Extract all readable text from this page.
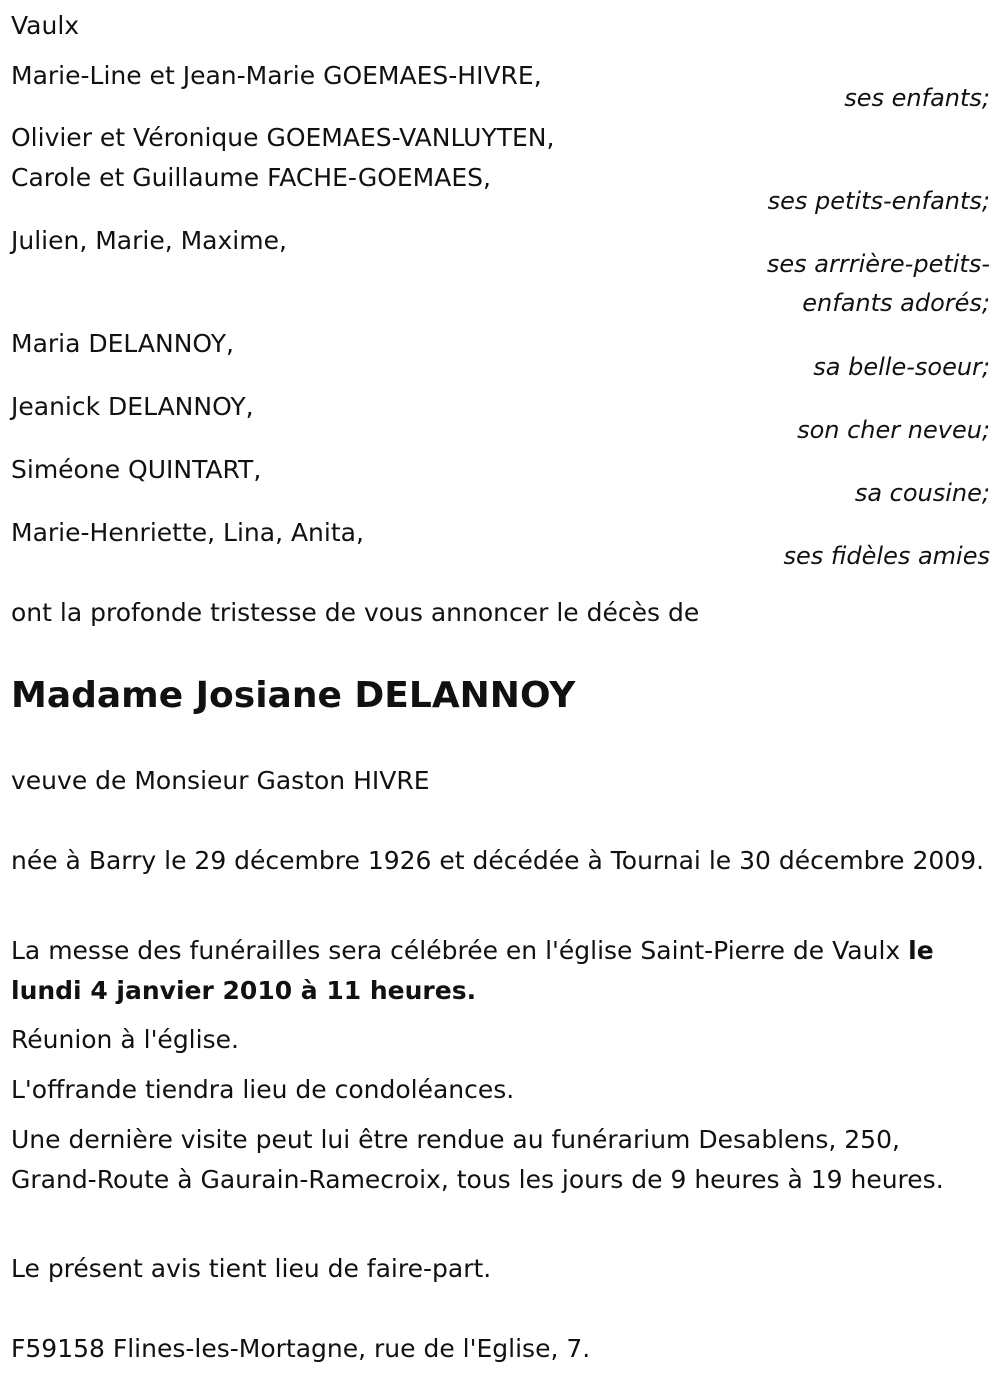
Vaulx
Marie-Line et Jean-Marie GOEMAES-HIVRE,
ses enfants;
Olivier et Véronique GOEMAES-VANLUYTEN,
Carole et Guillaume FACHE-GOEMAES,
ses petits-enfants;
Julien, Marie, Maxime,
ses arrrière-petits-
enfants adorés;
Maria DELANNOY,
sa belle-soeur;
Jeanick DELANNOY,
son cher neveu;
Siméone QUINTART,
sa cousine;
Marie-Henriette, Lina, Anita,
ses fidèles amies
ont la profonde tristesse de vous annoncer le décès de
Madame Josiane DELANNOY
veuve de Monsieur Gaston HIVRE
née à Barry le 29 décembre 1926 et décédée à Tournai le 30 décembre 2009.
La messe des funérailles sera célébrée en l'église Saint-Pierre de Vaulx le lundi 4 janvier 2010 à 11 heures.
Réunion à l'église.
L'offrande tiendra lieu de condoléances.
Une dernière visite peut lui être rendue au funérarium Desablens, 250, Grand-Route à Gaurain-Ramecroix, tous les jours de 9 heures à 19 heures.
Le présent avis tient lieu de faire-part.
F59158 Flines-les-Mortagne, rue de l'Eglise, 7.
